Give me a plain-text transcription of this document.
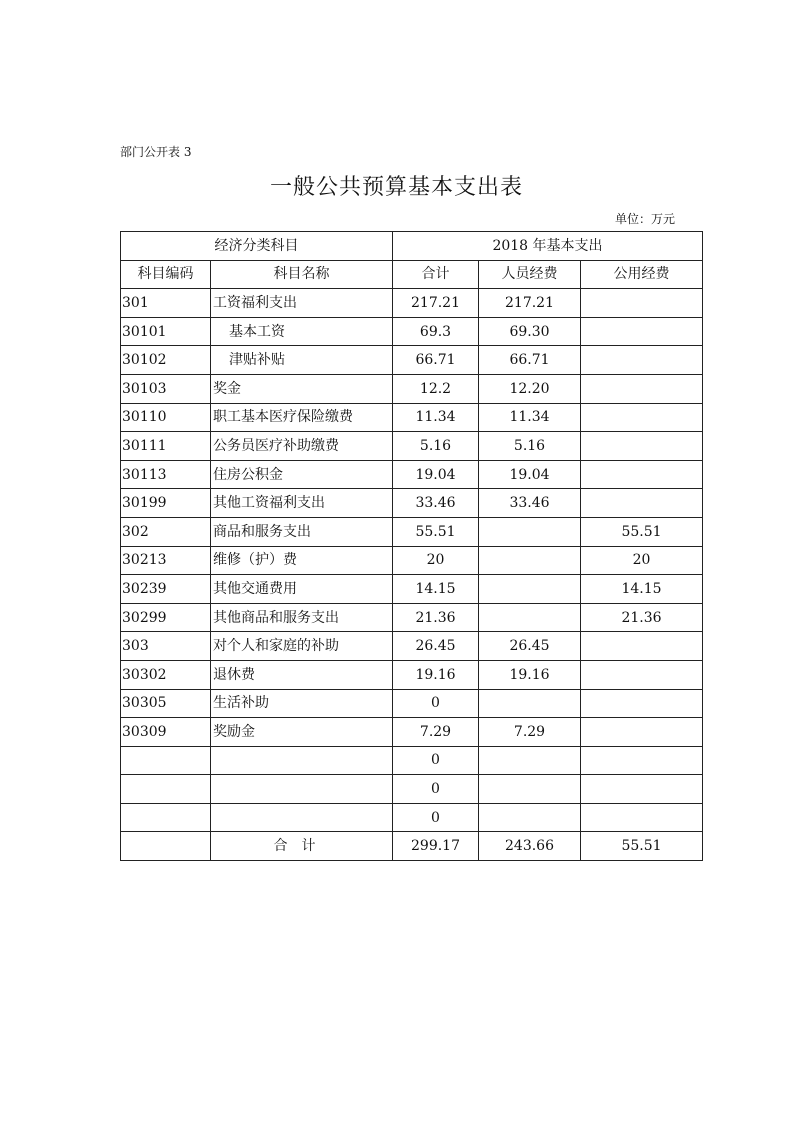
部门公开表 3
一般公共预算基本支出表
单位：万元
经济分类科目		2018 年基本支出		
科目编码	科目名称	合计	人员经费	公用经费
301	工资福利支出	217.21	217.21	
30101	基本工资	69.3	69.30	
30102	津贴补贴	66.71	66.71	
30103	奖金	12.2	12.20	
30110	职工基本医疗保险缴费	11.34	11.34	
30111	公务员医疗补助缴费	5.16	5.16	
30113	住房公积金	19.04	19.04	
30199	其他工资福利支出	33.46	33.46	
302	商品和服务支出	55.51		55.51
30213	维修（护）费	20		20
30239	其他交通费用	14.15		14.15
30299	其他商品和服务支出	21.36		21.36
303	对个人和家庭的补助	26.45	26.45	
30302	退休费	19.16	19.16	
30305	生活补助	0		
30309	奖励金	7.29	7.29	
		0		
		0		
		0		
	合计	299.17	243.66	55.51
